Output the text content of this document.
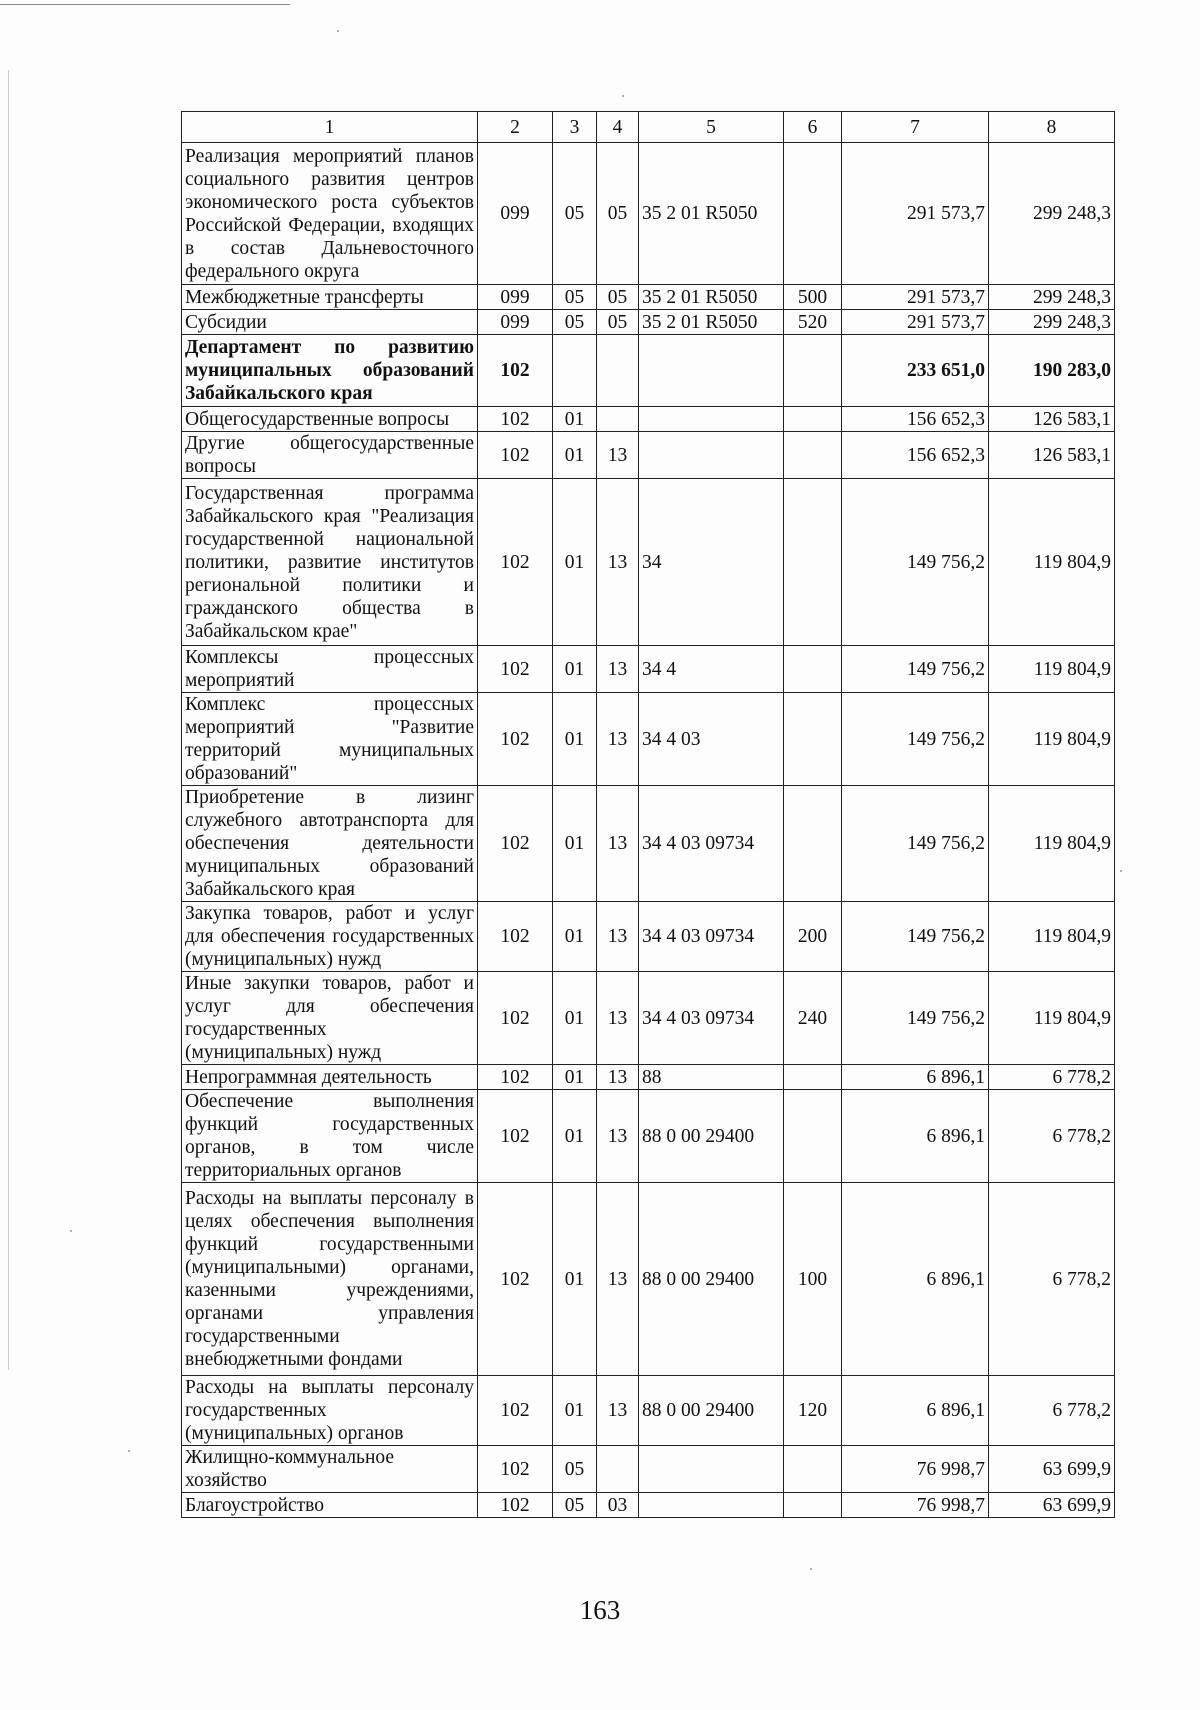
1	2	3	4	5	6	7	8
Реализация мероприятий планов социального развития центров экономического роста субъектов Российской Федерации, входящих в состав Дальневосточного федерального округа	099	05	05	35 2 01 R5050		291 573,7	299 248,3
Межбюджетные трансферты	099	05	05	35 2 01 R5050	500	291 573,7	299 248,3
Субсидии	099	05	05	35 2 01 R5050	520	291 573,7	299 248,3
Департамент по развитию муниципальных образований Забайкальского края	102					233 651,0	190 283,0
Общегосударственные вопросы	102	01				156 652,3	126 583,1
Другие общегосударственные вопросы	102	01	13			156 652,3	126 583,1
Государственная программа Забайкальского края "Реализация государственной национальной политики, развитие институтов региональной политики и гражданского общества в Забайкальском крае"	102	01	13	34		149 756,2	119 804,9
Комплексы процессных мероприятий	102	01	13	34 4		149 756,2	119 804,9
Комплекс процессных мероприятий "Развитие территорий муниципальных образований"	102	01	13	34 4 03		149 756,2	119 804,9
Приобретение в лизинг служебного автотранспорта для обеспечения деятельности муниципальных образований Забайкальского края	102	01	13	34 4 03 09734		149 756,2	119 804,9
Закупка товаров, работ и услуг для обеспечения государственных (муниципальных) нужд	102	01	13	34 4 03 09734	200	149 756,2	119 804,9
Иные закупки товаров, работ и услуг для обеспечения государственных (муниципальных) нужд	102	01	13	34 4 03 09734	240	149 756,2	119 804,9
Непрограммная деятельность	102	01	13	88		6 896,1	6 778,2
Обеспечение выполнения функций государственных органов, в том числе территориальных органов	102	01	13	88 0 00 29400		6 896,1	6 778,2
Расходы на выплаты персоналу в целях обеспечения выполнения функций государственными (муниципальными) органами, казенными учреждениями, органами управления государственными внебюджетными фондами	102	01	13	88 0 00 29400	100	6 896,1	6 778,2
Расходы на выплаты персоналу государственных (муниципальных) органов	102	01	13	88 0 00 29400	120	6 896,1	6 778,2
Жилищно-коммунальное хозяйство	102	05				76 998,7	63 699,9
Благоустройство	102	05	03			76 998,7	63 699,9
163
